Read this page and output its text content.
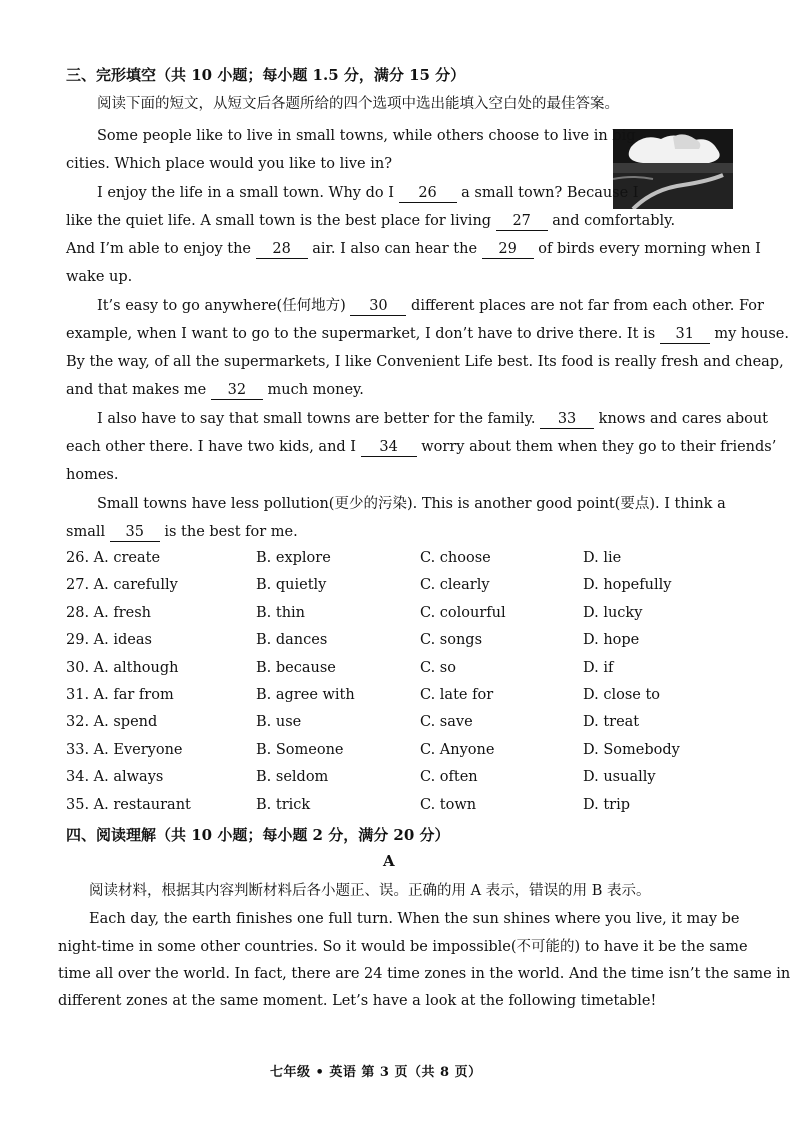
三、完形填空（共 10 小题；每小题 1.5 分，满分 15 分）
阅读下面的短文，从短文后各题所给的四个选项中选出能填入空白处的最佳答案。
Some people like to live in small towns, while others choose to live in big
cities. Which place would you like to live in?
I enjoy the life in a small town. Why do I 26 a small town? Because I
like the quiet life. A small town is the best place for living 27 and comfortably.
And I’m able to enjoy the 28 air. I also can hear the 29 of birds every morning when I
wake up.
It’s easy to go anywhere(任何地方) 30 different places are not far from each other. For
example, when I want to go to the supermarket, I don’t have to drive there. It is 31 my house.
By the way, of all the supermarkets, I like Convenient Life best. Its food is really fresh and cheap,
and that makes me 32 much money.
I also have to say that small towns are better for the family. 33 knows and cares about
each other there. I have two kids, and I 34 worry about them when they go to their friends’
homes.
Small towns have less pollution(更少的污染). This is another good point(要点). I think a
small 35 is the best for me.
26. A. create	B. explore	C. choose	D. lie
27. A. carefully	B. quietly	C. clearly	D. hopefully
28. A. fresh	B. thin	C. colourful	D. lucky
29. A. ideas	B. dances	C. songs	D. hope
30. A. although	B. because	C. so	D. if
31. A. far from	B. agree with	C. late for	D. close to
32. A. spend	B. use	C. save	D. treat
33. A. Everyone	B. Someone	C. Anyone	D. Somebody
34. A. always	B. seldom	C. often	D. usually
35. A. restaurant	B. trick	C. town	D. trip
四、阅读理解（共 10 小题；每小题 2 分，满分 20 分）
A
阅读材料，根据其内容判断材料后各小题正、误。正确的用 A 表示，错误的用 B 表示。
Each day, the earth finishes one full turn. When the sun shines where you live, it may be
night-time in some other countries. So it would be impossible(不可能的) to have it be the same
time all over the world. In fact, there are 24 time zones in the world. And the time isn’t the same in
different zones at the same moment. Let’s have a look at the following timetable!
七年级 • 英语 第 3 页（共 8 页）
